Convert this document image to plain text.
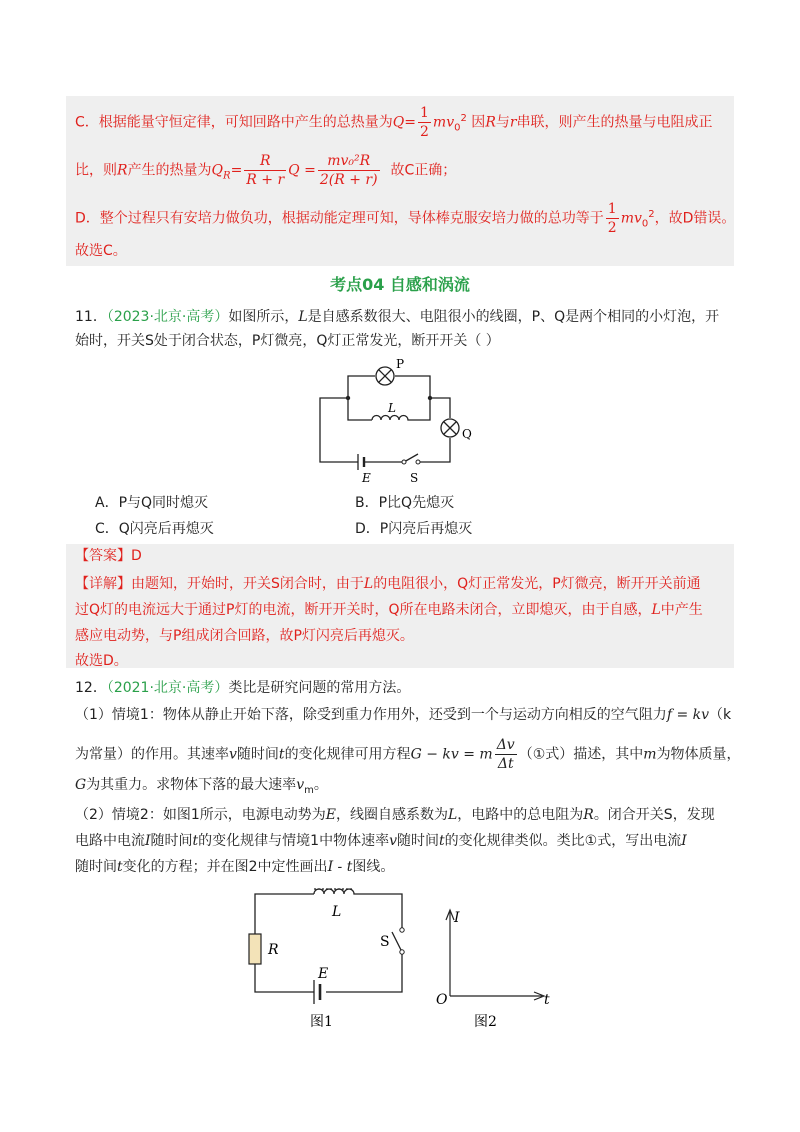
C．根据能量守恒定律，可知回路中产生的总热量为$Q= \frac{1}{2} mv_0^2$ 因R与r串联，则产生的热量与电阻成正
比，则R产生的热量为$Q_R= \frac{R}{R + r}$ $Q = \frac{\text{mv₀²R}}{2(R + r)}$ 故C正确；
D．整个过程只有安培力做负功，根据动能定理可知，导体棒克服安培力做的总功等于 $\frac{1}{2} mv_0^2$，故D错误。
故选C。
考点04 自感和涡流
11．（2023·北京·高考）如图所示，L是自感系数很大、电阻很小的线圈，P、Q是两个相同的小灯泡，开
始时，开关S处于闭合状态，P灯微亮，Q灯正常发光，断开开关（ ）
P
L
Q
E	S
A．P与Q同时熄灭	B．P比Q先熄灭
C．Q闪亮后再熄灭	D．P闪亮后再熄灭
【答案】D
【详解】由题知，开始时，开关S闭合时，由于L的电阻很小，Q灯正常发光，P灯微亮，断开开关前通
过Q灯的电流远大于通过P灯的电流，断开开关时，Q所在电路未闭合，立即熄灭，由于自感，L中产生
感应电动势，与P组成闭合回路，故P灯闪亮后再熄灭。
故选D。
12．（2021·北京·高考）类比是研究问题的常用方法。
（1）情境1：物体从静止开始下落，除受到重力作用外，还受到一个与运动方向相反的空气阻力f = kv（k
为常量）的作用。其速率v随时间t的变化规律可用方程G − kv = m $\frac{\Delta v}{\Delta t}$ （①式）描述，其中m为物体质量，
G为其重力。求物体下落的最大速率$v_m$。
（2）情境2：如图1所示，电源电动势为E，线圈自感系数为L，电路中的总电阻为R。闭合开关S，发现
电路中电流I随时间t的变化规律与情境1中物体速率v随时间t的变化规律类似。类比①式，写出电流I
随时间t变化的方程；并在图2中定性画出I - t图线。
L
R	S
E
图1
I
O	t
图2
